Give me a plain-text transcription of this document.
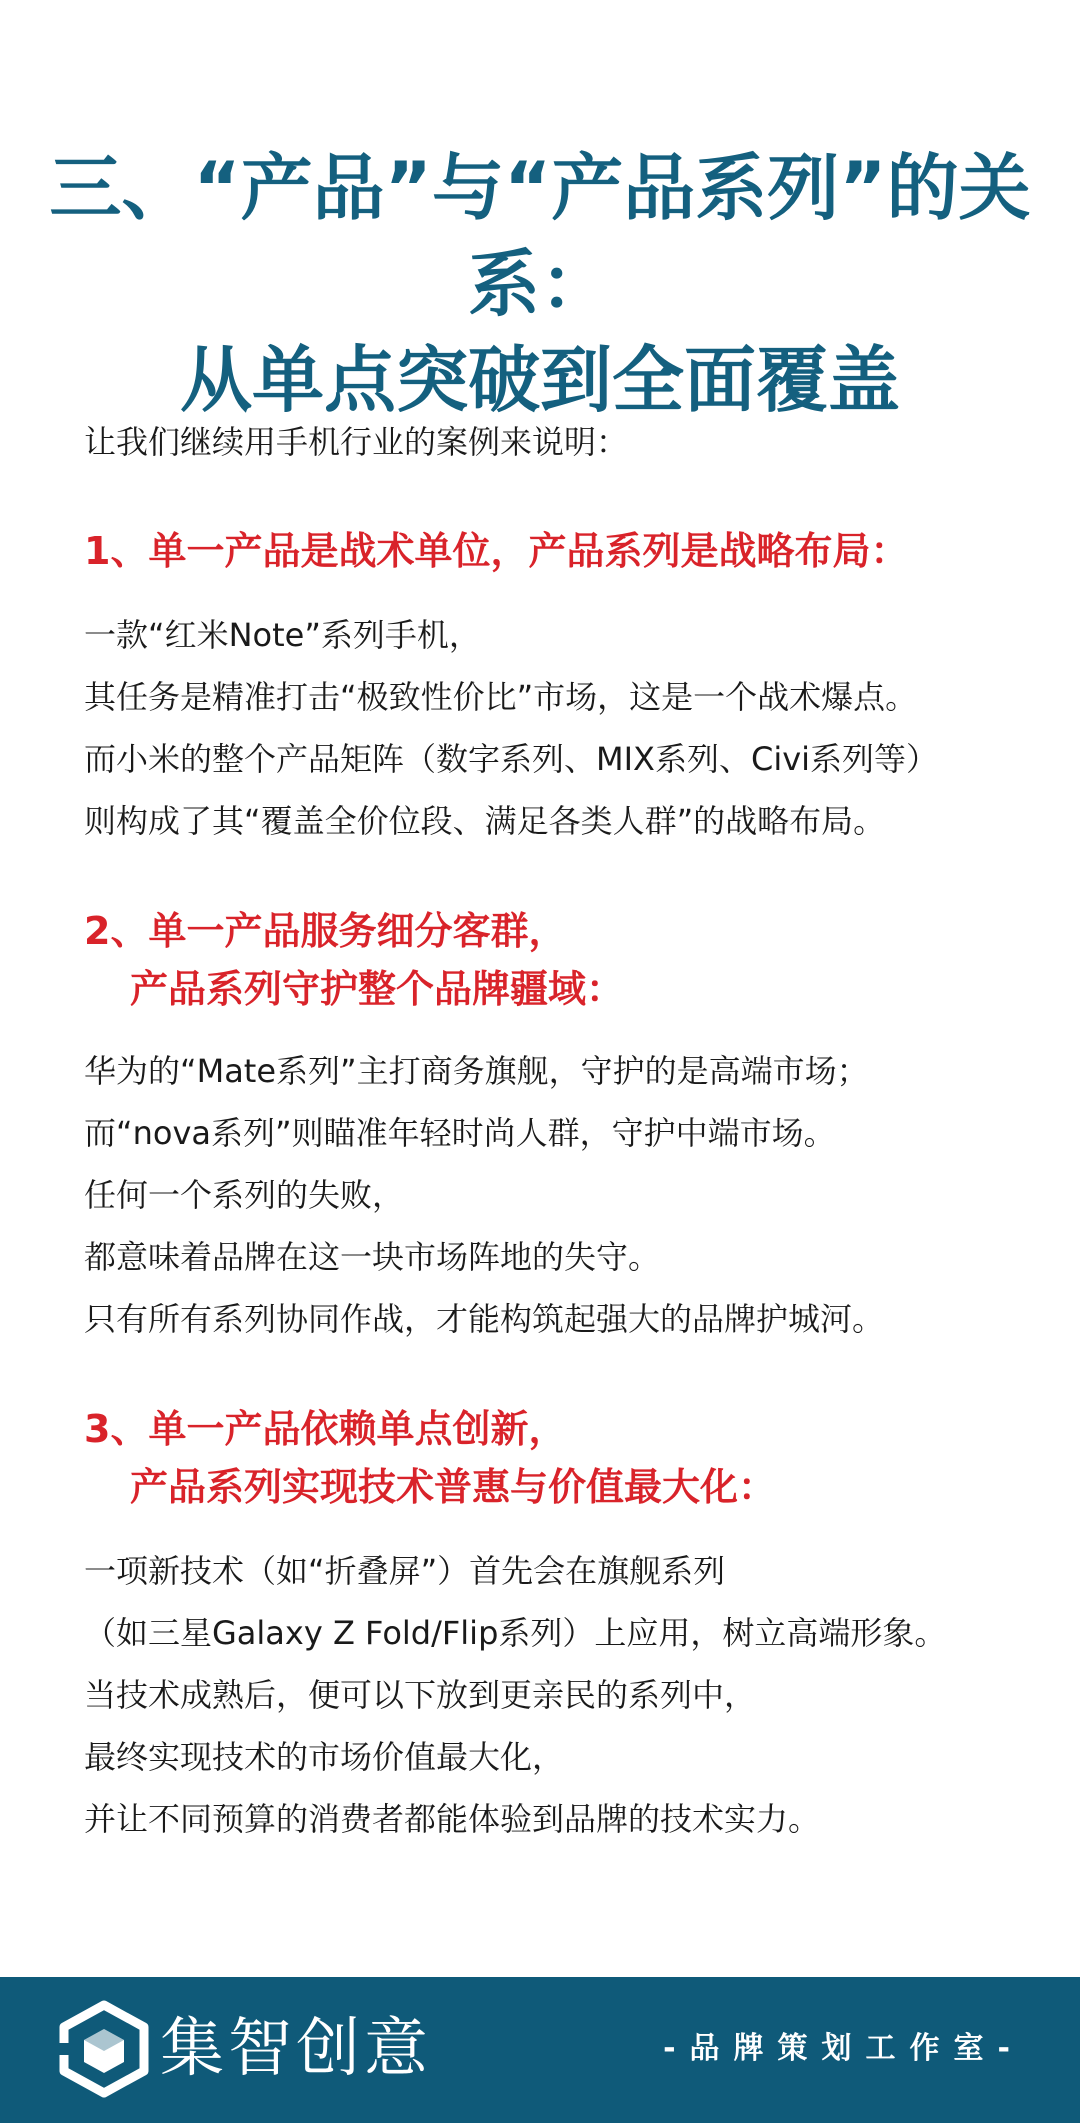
三、“产品”与“产品系列”的关系：
从单点突破到全面覆盖
让我们继续用手机行业的案例来说明：
1、单一产品是战术单位，产品系列是战略布局：
一款“红米Note”系列手机，
其任务是精准打击“极致性价比”市场，这是一个战术爆点。
而小米的整个产品矩阵（数字系列、MIX系列、Civi系列等）
则构成了其“覆盖全价位段、满足各类人群”的战略布局。
2、单一产品服务细分客群，
产品系列守护整个品牌疆域：
华为的“Mate系列”主打商务旗舰，守护的是高端市场；
而“nova系列”则瞄准年轻时尚人群，守护中端市场。
任何一个系列的失败，
都意味着品牌在这一块市场阵地的失守。
只有所有系列协同作战，才能构筑起强大的品牌护城河。
3、单一产品依赖单点创新，
产品系列实现技术普惠与价值最大化：
一项新技术（如“折叠屏”）首先会在旗舰系列
（如三星Galaxy Z Fold/Flip系列）上应用，树立高端形象。
当技术成熟后，便可以下放到更亲民的系列中，
最终实现技术的市场价值最大化，
并让不同预算的消费者都能体验到品牌的技术实力。
集智创意	-品牌策划工作室-
